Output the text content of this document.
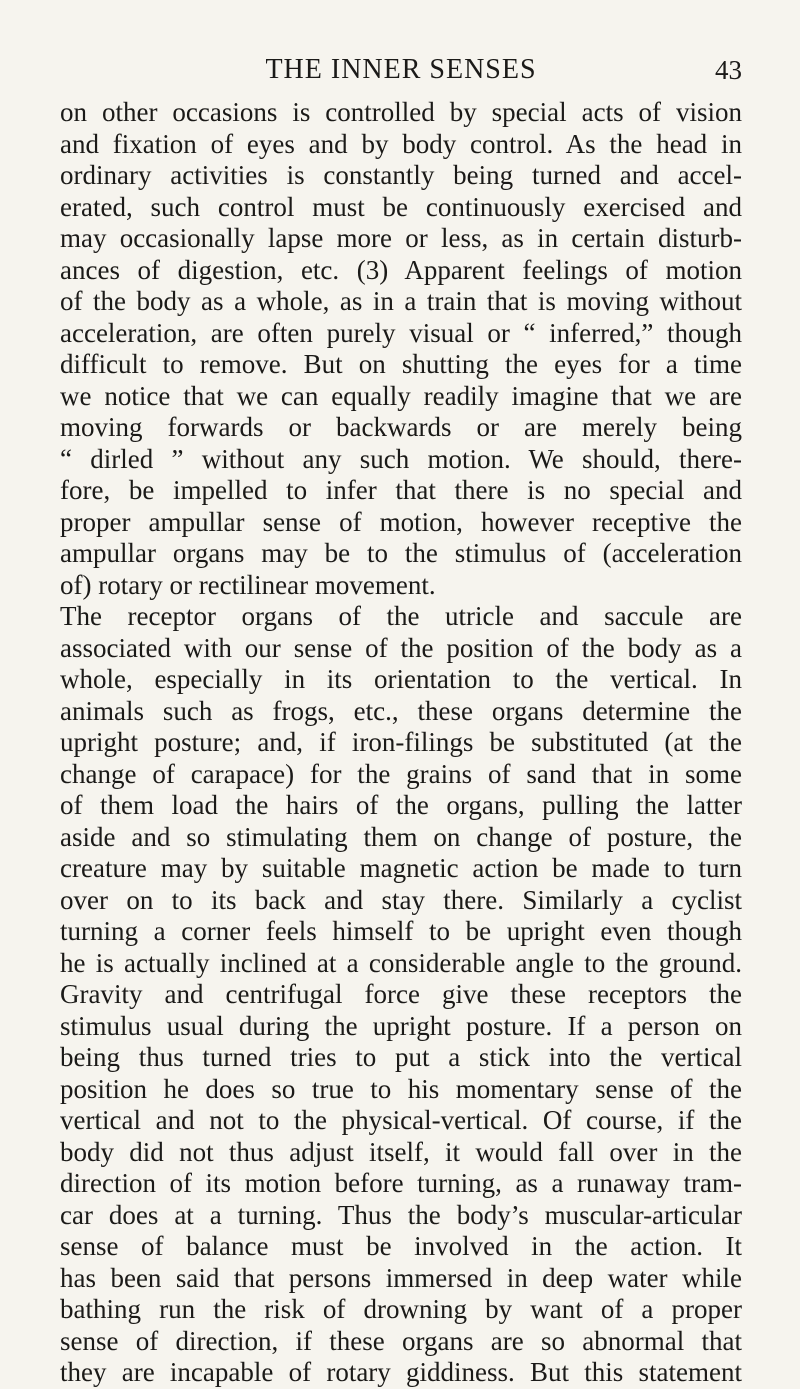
THE INNER SENSES	43
on other occasions is controlled by special acts of vision
and fixation of eyes and by body control. As the head in
ordinary activities is constantly being turned and accel-
erated, such control must be continuously exercised and
may occasionally lapse more or less, as in certain disturb-
ances of digestion, etc. (3) Apparent feelings of motion
of the body as a whole, as in a train that is moving without
acceleration, are often purely visual or “ inferred,” though
difficult to remove. But on shutting the eyes for a time
we notice that we can equally readily imagine that we are
moving forwards or backwards or are merely being
“ dirled ” without any such motion. We should, there-
fore, be impelled to infer that there is no special and
proper ampullar sense of motion, however receptive the
ampullar organs may be to the stimulus of (acceleration
of) rotary or rectilinear movement.
The receptor organs of the utricle and saccule are
associated with our sense of the position of the body as a
whole, especially in its orientation to the vertical. In
animals such as frogs, etc., these organs determine the
upright posture; and, if iron-filings be substituted (at the
change of carapace) for the grains of sand that in some
of them load the hairs of the organs, pulling the latter
aside and so stimulating them on change of posture, the
creature may by suitable magnetic action be made to turn
over on to its back and stay there. Similarly a cyclist
turning a corner feels himself to be upright even though
he is actually inclined at a considerable angle to the ground.
Gravity and centrifugal force give these receptors the
stimulus usual during the upright posture. If a person on
being thus turned tries to put a stick into the vertical
position he does so true to his momentary sense of the
vertical and not to the physical-vertical. Of course, if the
body did not thus adjust itself, it would fall over in the
direction of its motion before turning, as a runaway tram-
car does at a turning. Thus the body’s muscular-articular
sense of balance must be involved in the action. It
has been said that persons immersed in deep water while
bathing run the risk of drowning by want of a proper
sense of direction, if these organs are so abnormal that
they are incapable of rotary giddiness. But this statement
